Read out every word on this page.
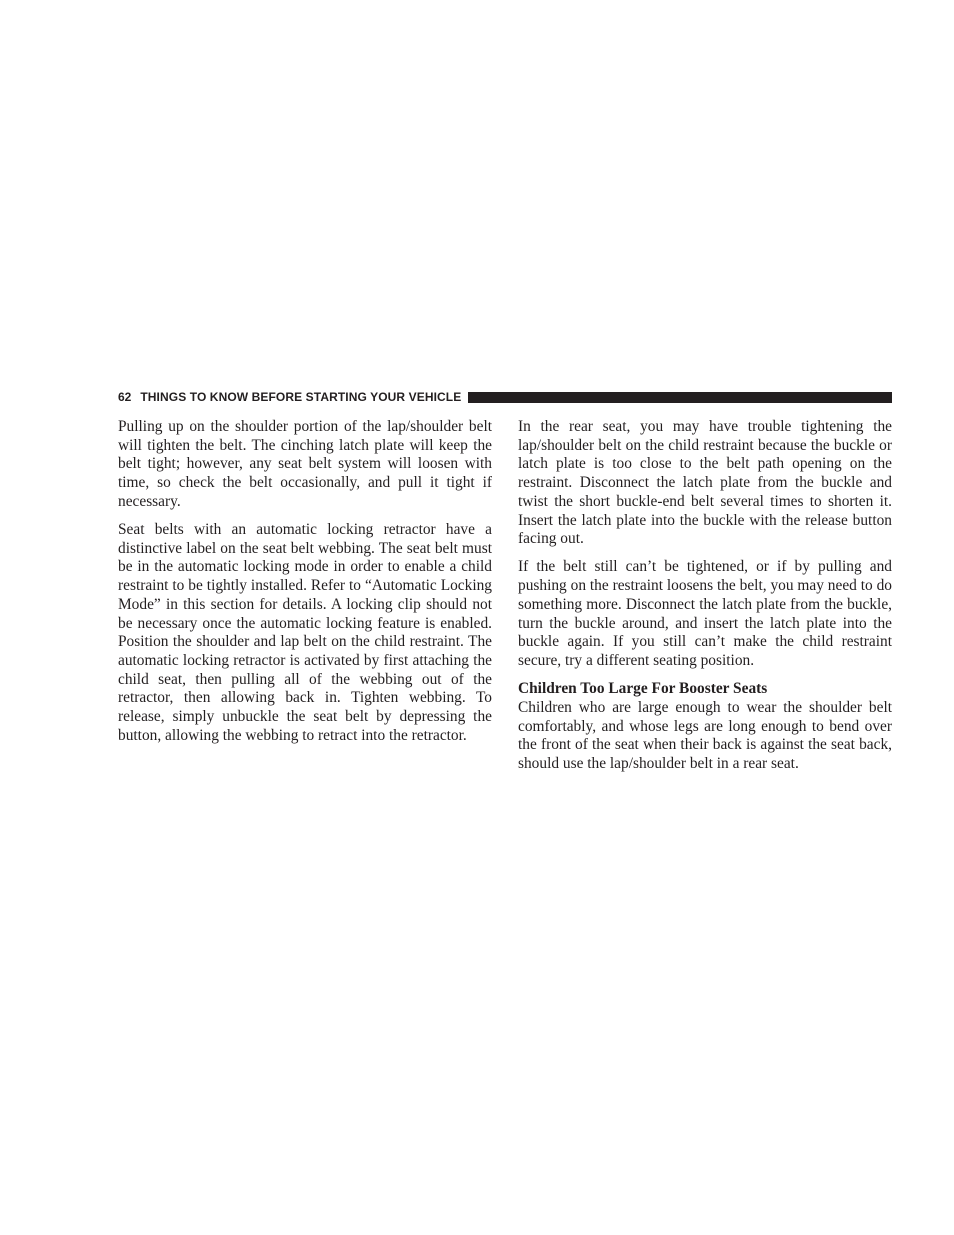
62 THINGS TO KNOW BEFORE STARTING YOUR VEHICLE

Pulling up on the shoulder portion of the lap/shoulder belt will tighten the belt. The cinching latch plate will keep the belt tight; however, any seat belt system will loosen with time, so check the belt occasionally, and pull it tight if necessary.

Seat belts with an automatic locking retractor have a distinctive label on the seat belt webbing. The seat belt must be in the automatic locking mode in order to enable a child restraint to be tightly installed. Refer to “Automatic Locking Mode” in this section for details. A locking clip should not be necessary once the automatic locking feature is enabled. Position the shoulder and lap belt on the child restraint. The automatic locking retractor is activated by first attaching the child seat, then pulling all of the webbing out of the retractor, then allowing back in. Tighten webbing. To release, simply unbuckle the seat belt by depressing the button, allowing the webbing to retract into the retractor.

In the rear seat, you may have trouble tightening the lap/shoulder belt on the child restraint because the buckle or latch plate is too close to the belt path opening on the restraint. Disconnect the latch plate from the buckle and twist the short buckle-end belt several times to shorten it. Insert the latch plate into the buckle with the release button facing out.

If the belt still can’t be tightened, or if by pulling and pushing on the restraint loosens the belt, you may need to do something more. Disconnect the latch plate from the buckle, turn the buckle around, and insert the latch plate into the buckle again. If you still can’t make the child restraint secure, try a different seating position.

Children Too Large For Booster Seats

Children who are large enough to wear the shoulder belt comfortably, and whose legs are long enough to bend over the front of the seat when their back is against the seat back, should use the lap/shoulder belt in a rear seat.
